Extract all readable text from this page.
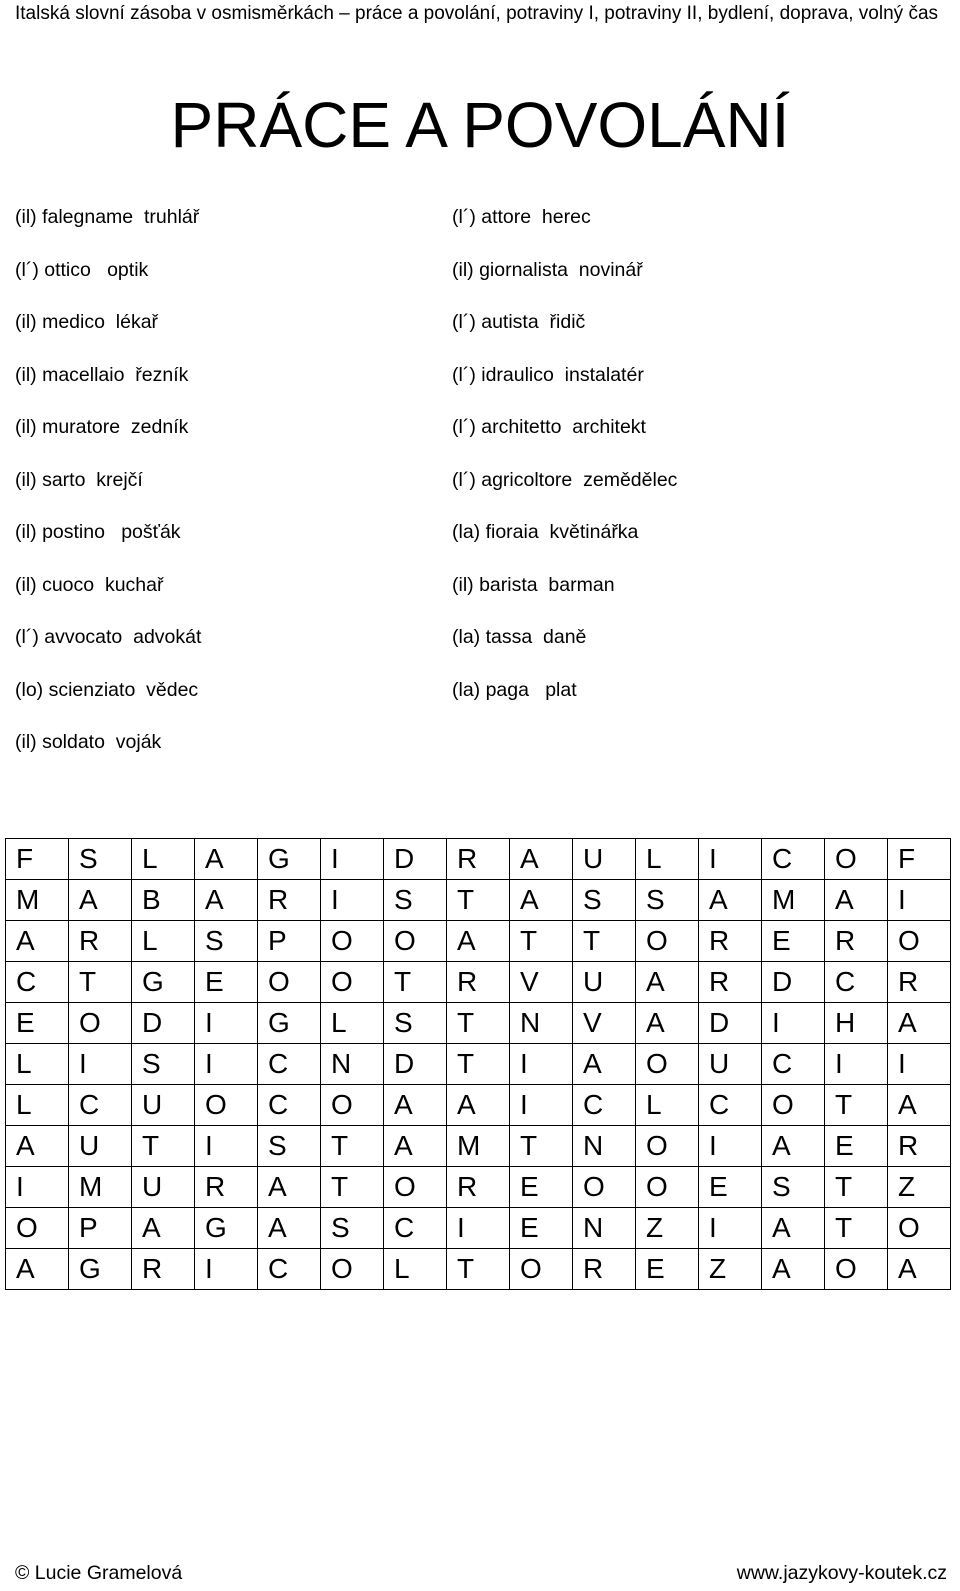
Italská slovní zásoba v osmisměrkách – práce a povolání, potraviny I, potraviny II, bydlení, doprava, volný čas
PRÁCE A POVOLÁNÍ
(il) falegname  truhlář
(l´) ottico   optik
(il) medico  lékař
(il) macellaio  řezník
(il) muratore  zedník
(il) sarto  krejčí
(il) postino   pošťák
(il) cuoco  kuchař
(l´) avvocato  advokát
(lo) scienziato  vědec
(il) soldato  voják
(l´) attore  herec
(il) giornalista  novinář
(l´) autista  řidič
(l´) idraulico  instalatér
(l´) architetto  architekt
(l´) agricoltore  zemědělec
(la) fioraia  květinářka
(il) barista  barman
(la) tassa  daně
(la) paga   plat
F	S	L	A	G	I	D	R	A	U	L	I	C	O	F
M	A	B	A	R	I	S	T	A	S	S	A	M	A	I
A	R	L	S	P	O	O	A	T	T	O	R	E	R	O
C	T	G	E	O	O	T	R	V	U	A	R	D	C	R
E	O	D	I	G	L	S	T	N	V	A	D	I	H	A
L	I	S	I	C	N	D	T	I	A	O	U	C	I	I
L	C	U	O	C	O	A	A	I	C	L	C	O	T	A
A	U	T	I	S	T	A	M	T	N	O	I	A	E	R
I	M	U	R	A	T	O	R	E	O	O	E	S	T	Z
O	P	A	G	A	S	C	I	E	N	Z	I	A	T	O
A	G	R	I	C	O	L	T	O	R	E	Z	A	O	A
© Lucie Gramelová	www.jazykovy-koutek.cz
